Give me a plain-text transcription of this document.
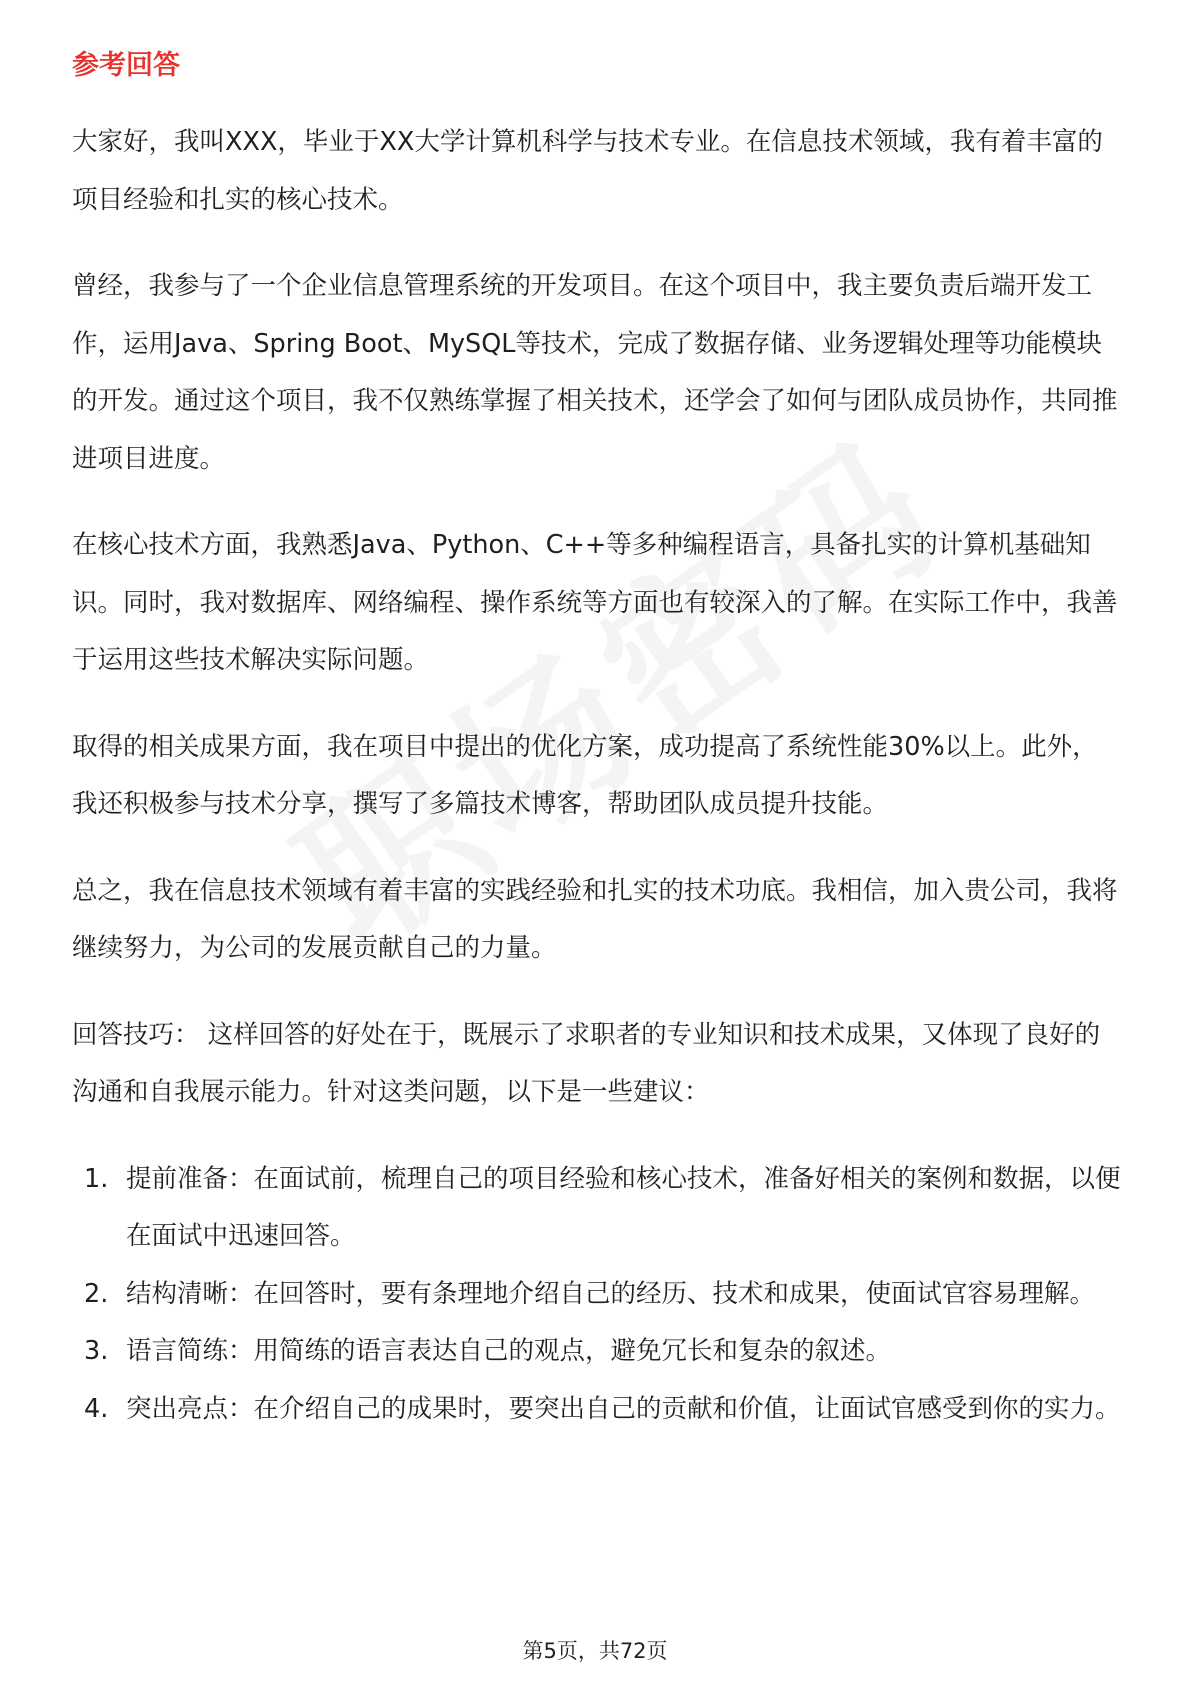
参考回答

大家好，我叫XXX，毕业于XX大学计算机科学与技术专业。在信息技术领域，我有着丰富的项目经验和扎实的核心技术。

曾经，我参与了一个企业信息管理系统的开发项目。在这个项目中，我主要负责后端开发工作，运用Java、Spring Boot、MySQL等技术，完成了数据存储、业务逻辑处理等功能模块的开发。通过这个项目，我不仅熟练掌握了相关技术，还学会了如何与团队成员协作，共同推进项目进度。

在核心技术方面，我熟悉Java、Python、C++等多种编程语言，具备扎实的计算机基础知识。同时，我对数据库、网络编程、操作系统等方面也有较深入的了解。在实际工作中，我善于运用这些技术解决实际问题。

取得的相关成果方面，我在项目中提出的优化方案，成功提高了系统性能30%以上。此外，我还积极参与技术分享，撰写了多篇技术博客，帮助团队成员提升技能。

总之，我在信息技术领域有着丰富的实践经验和扎实的技术功底。我相信，加入贵公司，我将继续努力，为公司的发展贡献自己的力量。

回答技巧： 这样回答的好处在于，既展示了求职者的专业知识和技术成果，又体现了良好的沟通和自我展示能力。针对这类问题，以下是一些建议：

1. 提前准备：在面试前，梳理自己的项目经验和核心技术，准备好相关的案例和数据，以便在面试中迅速回答。
2. 结构清晰：在回答时，要有条理地介绍自己的经历、技术和成果，使面试官容易理解。
3. 语言简练：用简练的语言表达自己的观点，避免冗长和复杂的叙述。
4. 突出亮点：在介绍自己的成果时，要突出自己的贡献和价值，让面试官感受到你的实力。
第5页，共72页
